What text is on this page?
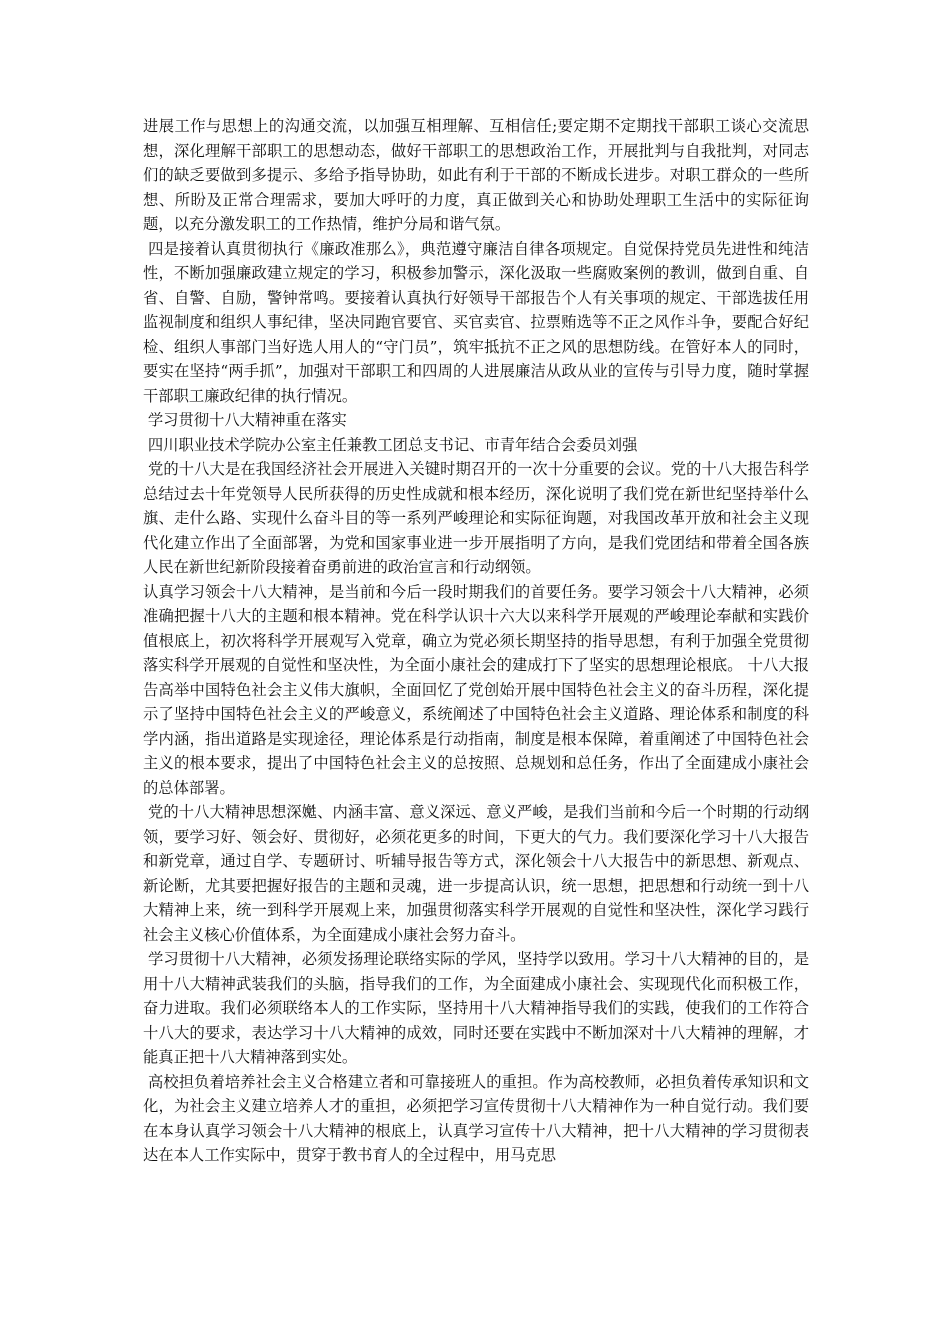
进展工作与思想上的沟通交流，以加强互相理解、互相信任;要定期不定期找干部职工谈心交流思想，深化理解干部职工的思想动态，做好干部职工的思想政治工作，开展批判与自我批判，对同志们的缺乏要做到多提示、多给予指导协助，如此有利于干部的不断成长进步。对职工群众的一些所想、所盼及正常合理需求，要加大呼吁的力度，真正做到关心和协助处理职工生活中的实际征询题，以充分激发职工的工作热情，维护分局和谐气氛。

四是接着认真贯彻执行《廉政准那么》，典范遵守廉洁自律各项规定。自觉保持党员先进性和纯洁性，不断加强廉政建立规定的学习，积极参加警示，深化汲取一些腐败案例的教训，做到自重、自省、自警、自励，警钟常鸣。要接着认真执行好领导干部报告个人有关事项的规定、干部选拔任用监视制度和组织人事纪律，坚决同跑官要官、买官卖官、拉票贿选等不正之风作斗争，要配合好纪检、组织人事部门当好选人用人的“守门员”，筑牢抵抗不正之风的思想防线。在管好本人的同时，要实在坚持“两手抓”，加强对干部职工和四周的人进展廉洁从政从业的宣传与引导力度，随时掌握干部职工廉政纪律的执行情况。

学习贯彻十八大精神重在落实

四川职业技术学院办公室主任兼教工团总支书记、市青年结合会委员刘强

党的十八大是在我国经济社会开展进入关键时期召开的一次十分重要的会议。党的十八大报告科学总结过去十年党领导人民所获得的历史性成就和根本经历，深化说明了我们党在新世纪坚持举什么旗、走什么路、实现什么奋斗目的等一系列严峻理论和实际征询题，对我国改革开放和社会主义现代化建立作出了全面部署，为党和国家事业进一步开展指明了方向，是我们党团结和带着全国各族人民在新世纪新阶段接着奋勇前进的政治宣言和行动纲领。

认真学习领会十八大精神，是当前和今后一段时期我们的首要任务。要学习领会十八大精神，必须准确把握十八大的主题和根本精神。党在科学认识十六大以来科学开展观的严峻理论奉献和实践价值根底上，初次将科学开展观写入党章，确立为党必须长期坚持的指导思想，有利于加强全党贯彻落实科学开展观的自觉性和坚决性，为全面小康社会的建成打下了坚实的思想理论根底。 十八大报告高举中国特色社会主义伟大旗帜，全面回忆了党创始开展中国特色社会主义的奋斗历程，深化提示了坚持中国特色社会主义的严峻意义，系统阐述了中国特色社会主义道路、理论体系和制度的科学内涵，指出道路是实现途径，理论体系是行动指南，制度是根本保障，着重阐述了中国特色社会主义的根本要求，提出了中国特色社会主义的总按照、总规划和总任务，作出了全面建成小康社会的总体部署。

党的十八大精神思想深嬔、内涵丰富、意义深远、意义严峻，是我们当前和今后一个时期的行动纲领，要学习好、领会好、贯彻好，必须花更多的时间，下更大的气力。我们要深化学习十八大报告和新党章，通过自学、专题研讨、听辅导报告等方式，深化领会十八大报告中的新思想、新观点、新论断，尤其要把握好报告的主题和灵魂，进一步提高认识，统一思想，把思想和行动统一到十八大精神上来，统一到科学开展观上来，加强贯彻落实科学开展观的自觉性和坚决性，深化学习践行社会主义核心价值体系，为全面建成小康社会努力奋斗。

学习贯彻十八大精神，必须发扬理论联络实际的学风，坚持学以致用。学习十八大精神的目的，是用十八大精神武装我们的头脑，指导我们的工作，为全面建成小康社会、实现现代化而积极工作，奋力进取。我们必须联络本人的工作实际，坚持用十八大精神指导我们的实践，使我们的工作符合十八大的要求，表达学习十八大精神的成效，同时还要在实践中不断加深对十八大精神的理解，才能真正把十八大精神落到实处。

高校担负着培养社会主义合格建立者和可靠接班人的重担。作为高校教师，必担负着传承知识和文化，为社会主义建立培养人才的重担，必须把学习宣传贯彻十八大精神作为一种自觉行动。我们要在本身认真学习领会十八大精神的根底上，认真学习宣传十八大精神，把十八大精神的学习贯彻表达在本人工作实际中，贯穿于教书育人的全过程中，用马克思
